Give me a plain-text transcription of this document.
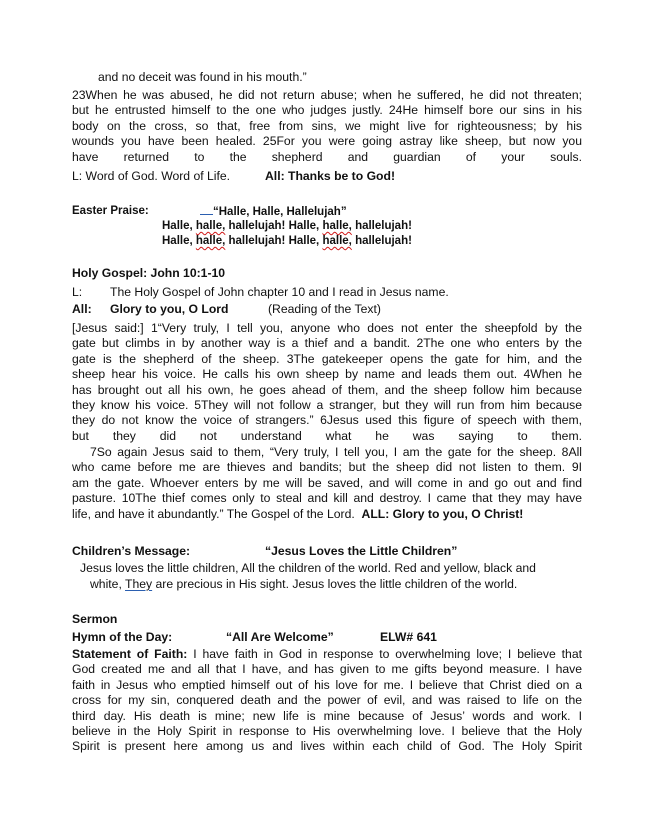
and no deceit was found in his mouth.”
23When he was abused, he did not return abuse; when he suffered, he did not threaten;
but he entrusted himself to the one who judges justly. 24He himself bore our sins in his
body on the cross, so that, free from sins, we might live for righteousness; by his
wounds you have been healed. 25For you were going astray like sheep, but now you
have returned to the shepherd and guardian of your souls.
L: Word of God. Word of Life.	All: Thanks be to God!
Easter Praise:	“Halle, Halle, Hallelujah”
Halle, halle, hallelujah! Halle, halle, hallelujah!
Halle, halle, hallelujah! Halle, halle, hallelujah!
Holy Gospel: John 10:1-10
L: The Holy Gospel of John chapter 10 and I read in Jesus name.
All: Glory to you, O Lord	(Reading of the Text)
[Jesus said:] 1“Very truly, I tell you, anyone who does not enter the sheepfold by the
gate but climbs in by another way is a thief and a bandit. 2The one who enters by the
gate is the shepherd of the sheep. 3The gatekeeper opens the gate for him, and the
sheep hear his voice. He calls his own sheep by name and leads them out. 4When he
has brought out all his own, he goes ahead of them, and the sheep follow him because
they know his voice. 5They will not follow a stranger, but they will run from him because
they do not know the voice of strangers.” 6Jesus used this figure of speech with them,
but they did not understand what he was saying to them.
7So again Jesus said to them, “Very truly, I tell you, I am the gate for the sheep. 8All
who came before me are thieves and bandits; but the sheep did not listen to them. 9I
am the gate. Whoever enters by me will be saved, and will come in and go out and find
pasture. 10The thief comes only to steal and kill and destroy. I came that they may have
life, and have it abundantly.” The Gospel of the Lord. ALL: Glory to you, O Christ!
Children’s Message:	“Jesus Loves the Little Children”
Jesus loves the little children, All the children of the world. Red and yellow, black and
white, They are precious in His sight. Jesus loves the little children of the world.
Sermon
Hymn of the Day:	“All Are Welcome”	ELW# 641
Statement of Faith: I have faith in God in response to overwhelming love; I believe that
God created me and all that I have, and has given to me gifts beyond measure. I have
faith in Jesus who emptied himself out of his love for me. I believe that Christ died on a
cross for my sin, conquered death and the power of evil, and was raised to life on the
third day. His death is mine; new life is mine because of Jesus’ words and work. I
believe in the Holy Spirit in response to His overwhelming love. I believe that the Holy
Spirit is present here among us and lives within each child of God. The Holy Spirit
